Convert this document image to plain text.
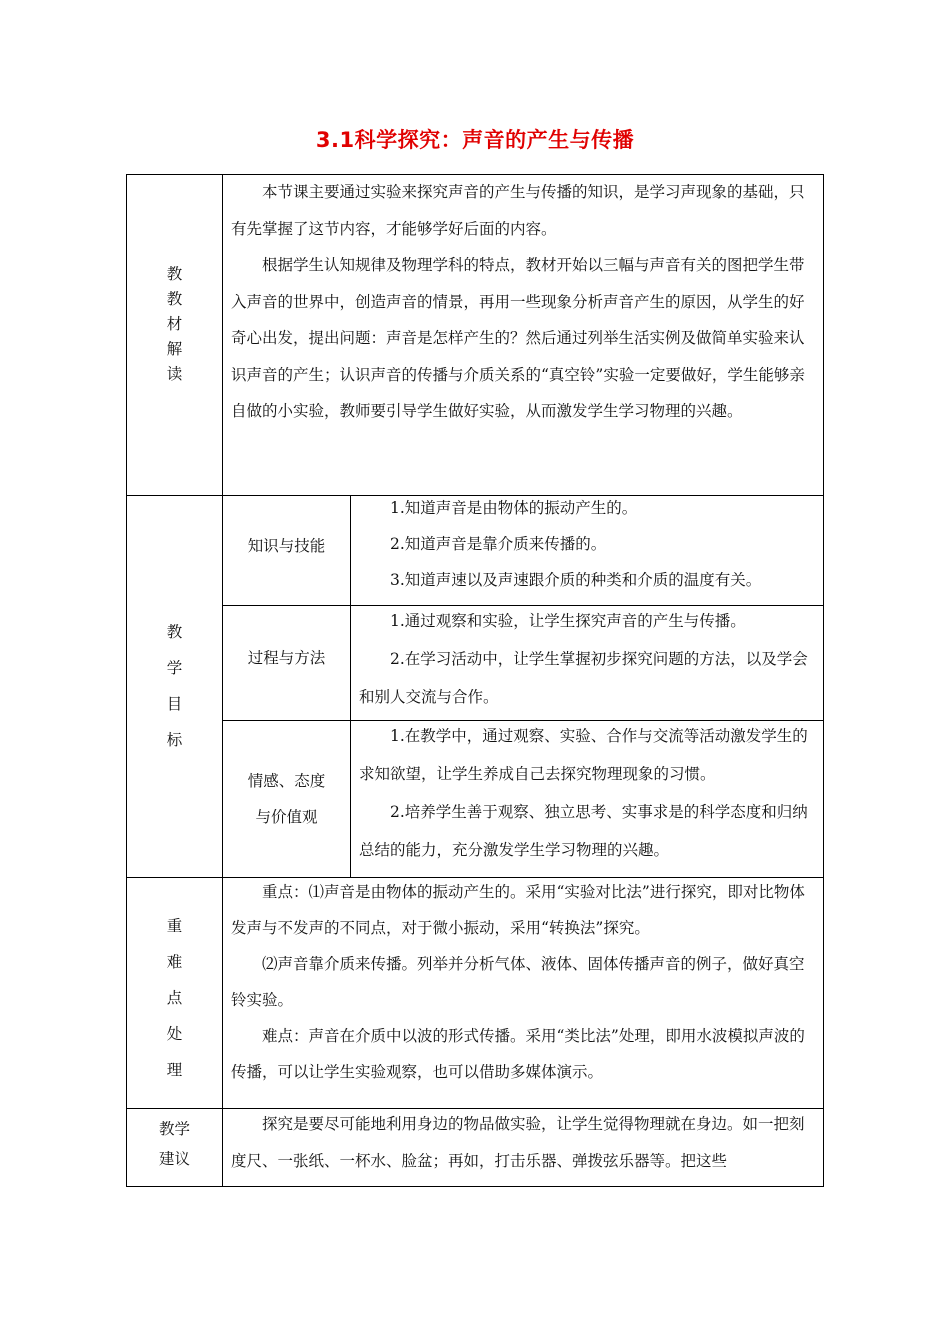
3.1科学探究：声音的产生与传播
教
教
材
解
读

本节课主要通过实验来探究声音的产生与传播的知识，是学习声现象的基础，只有先掌握了这节内容，才能够学好后面的内容。

根据学生认知规律及物理学科的特点，教材开始以三幅与声音有关的图把学生带入声音的世界中，创造声音的情景，再用一些现象分析声音产生的原因，从学生的好奇心出发，提出问题：声音是怎样产生的？然后通过列举生活实例及做简单实验来认识声音的产生；认识声音的传播与介质关系的“真空铃”实验一定要做好，学生能够亲自做的小实验，教师要引导学生做好实验，从而激发学生学习物理的兴趣。

教
学
目
标
知识与技能

1.知道声音是由物体的振动产生的。

2.知道声音是靠介质来传播的。

3.知道声速以及声速跟介质的种类和介质的温度有关。

过程与方法

1.通过观察和实验，让学生探究声音的产生与传播。

2.在学习活动中，让学生掌握初步探究问题的方法，以及学会和别人交流与合作。

情感、态度
与价值观

1.在教学中，通过观察、实验、合作与交流等活动激发学生的求知欲望，让学生养成自己去探究物理现象的习惯。

2.培养学生善于观察、独立思考、实事求是的科学态度和归纳总结的能力，充分激发学生学习物理的兴趣。

重
难
点
处
理

重点：⑴声音是由物体的振动产生的。采用“实验对比法”进行探究，即对比物体发声与不发声的不同点，对于微小振动，采用“转换法”探究。

⑵声音靠介质来传播。列举并分析气体、液体、固体传播声音的例子，做好真空铃实验。

难点：声音在介质中以波的形式传播。采用“类比法”处理，即用水波模拟声波的传播，可以让学生实验观察，也可以借助多媒体演示。

教学
建议

探究是要尽可能地利用身边的物品做实验，让学生觉得物理就在身边。如一把刻度尺、一张纸、一杯水、脸盆；再如，打击乐器、弹拨弦乐器等。把这些
